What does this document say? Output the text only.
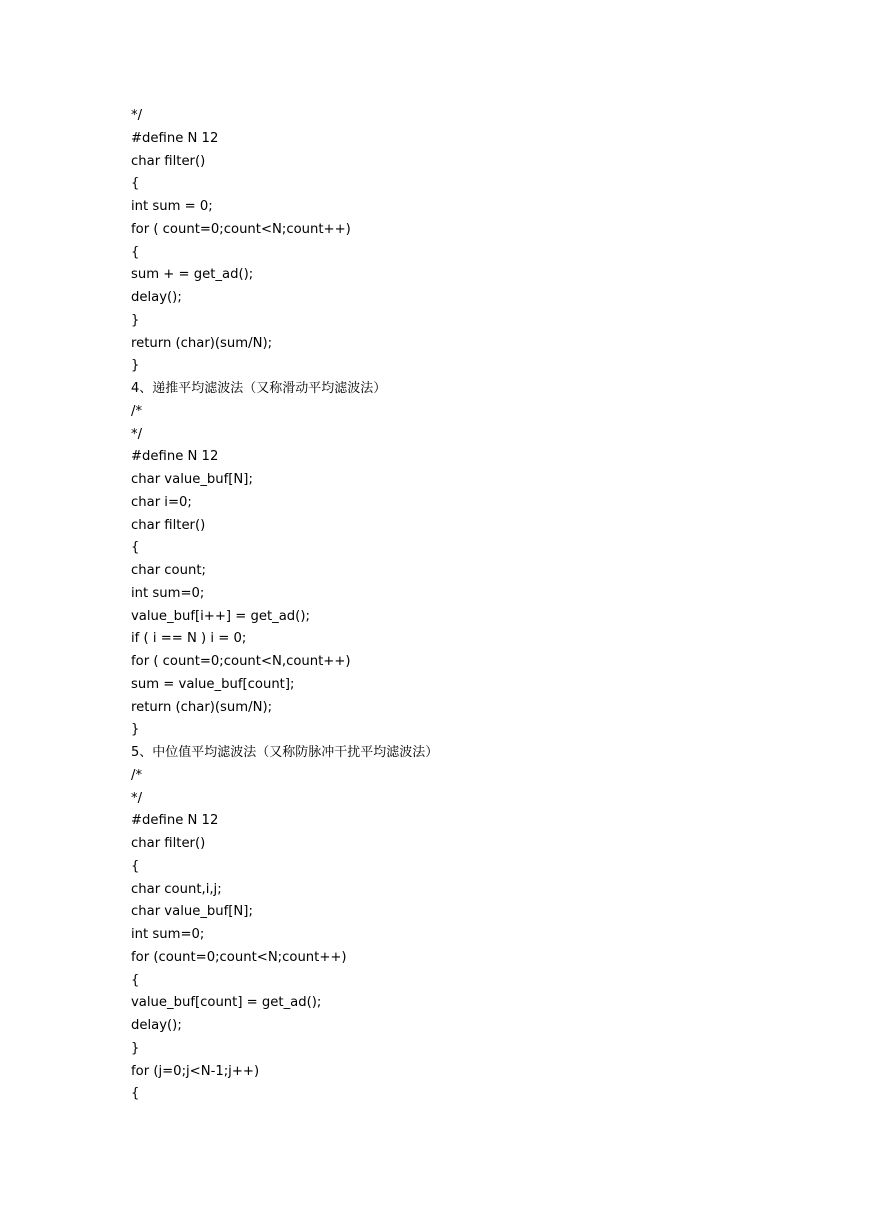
*/
#define N 12
char filter()
{
int sum = 0;
for ( count=0;count<N;count++)
{
sum + = get_ad();
delay();
}
return (char)(sum/N);
}
4、递推平均滤波法（又称滑动平均滤波法）
/*
*/
#define N 12
char value_buf[N];
char i=0;
char filter()
{
char count;
int sum=0;
value_buf[i++] = get_ad();
if ( i == N ) i = 0;
for ( count=0;count<N,count++)
sum = value_buf[count];
return (char)(sum/N);
}
5、中位值平均滤波法（又称防脉冲干扰平均滤波法）
/*
*/
#define N 12
char filter()
{
char count,i,j;
char value_buf[N];
int sum=0;
for (count=0;count<N;count++)
{
value_buf[count] = get_ad();
delay();
}
for (j=0;j<N-1;j++)
{
